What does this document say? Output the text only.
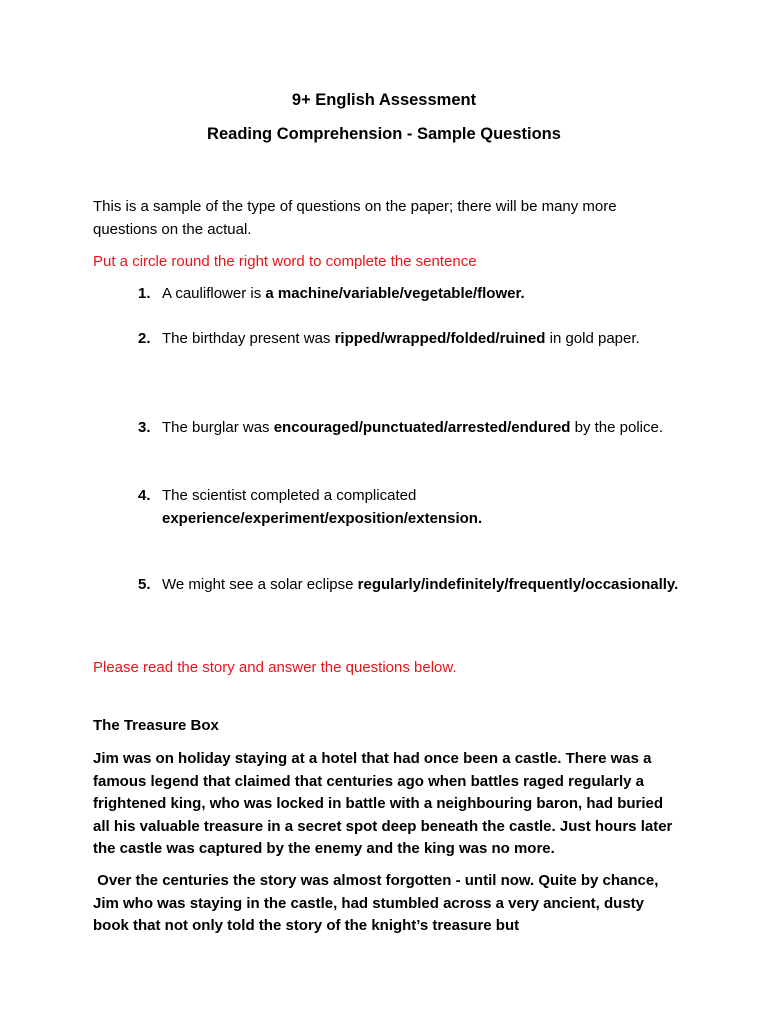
9+ English Assessment
Reading Comprehension - Sample Questions
This is a sample of the type of questions on the paper; there will be many more questions on the actual.
Put a circle round the right word to complete the sentence
1. A cauliflower is a machine/variable/vegetable/flower.
2. The birthday present was ripped/wrapped/folded/ruined in gold paper.
3. The burglar was encouraged/punctuated/arrested/endured by the police.
4. The scientist completed a complicated experience/experiment/exposition/extension.
5. We might see a solar eclipse regularly/indefinitely/frequently/occasionally.
Please read the story and answer the questions below.
The Treasure Box
Jim was on holiday staying at a hotel that had once been a castle. There was a famous legend that claimed that centuries ago when battles raged regularly a frightened king, who was locked in battle with a neighbouring baron, had buried all his valuable treasure in a secret spot deep beneath the castle. Just hours later the castle was captured by the enemy and the king was no more.
Over the centuries the story was almost forgotten - until now. Quite by chance, Jim who was staying in the castle, had stumbled across a very ancient, dusty book that not only told the story of the knight’s treasure but
